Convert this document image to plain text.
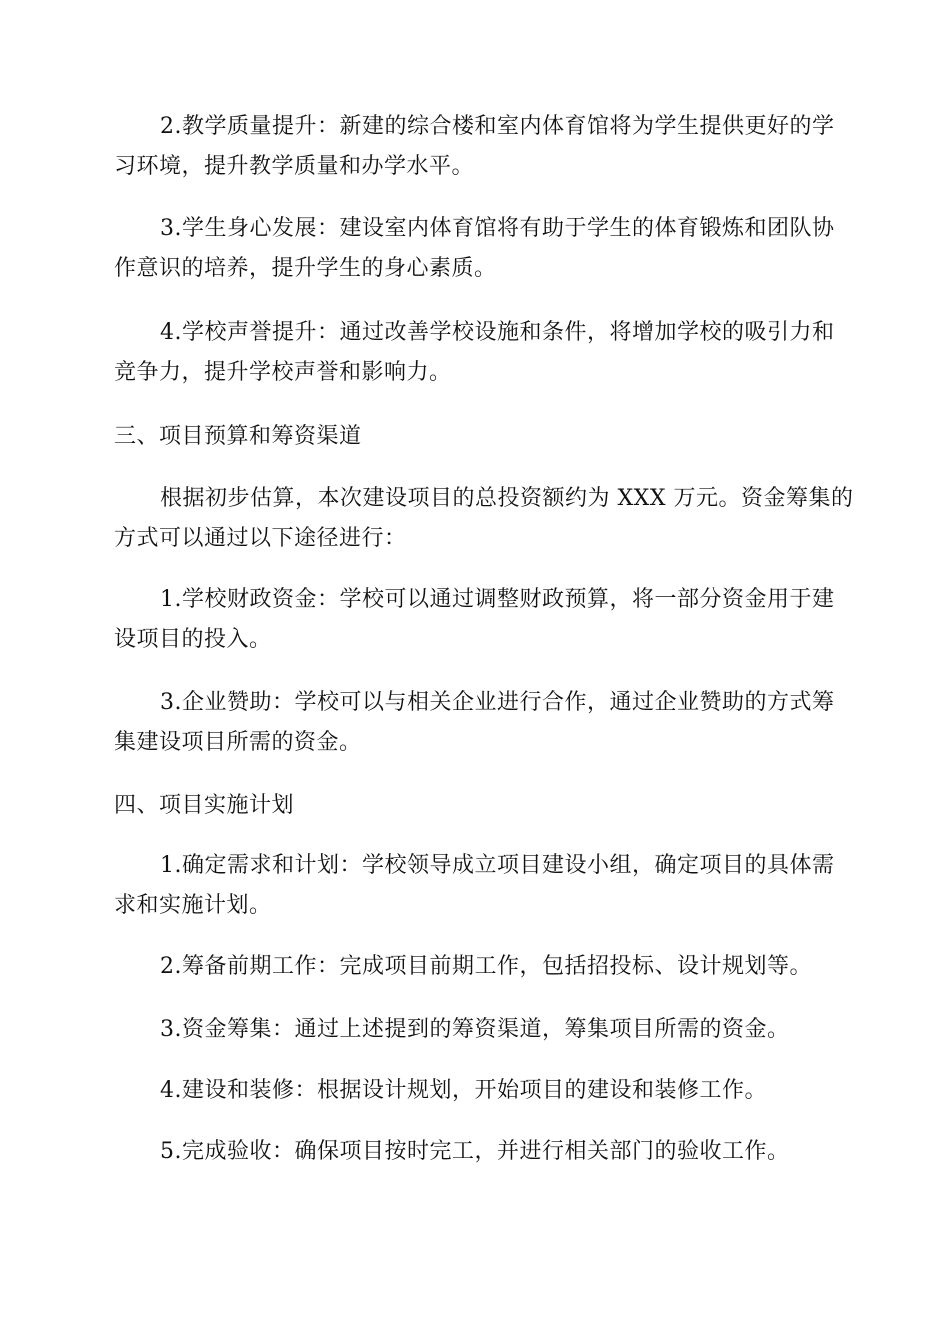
2.教学质量提升：新建的综合楼和室内体育馆将为学生提供更好的学
习环境，提升教学质量和办学水平。
3.学生身心发展：建设室内体育馆将有助于学生的体育锻炼和团队协
作意识的培养，提升学生的身心素质。
4.学校声誉提升：通过改善学校设施和条件，将增加学校的吸引力和
竞争力，提升学校声誉和影响力。
三、项目预算和筹资渠道
根据初步估算，本次建设项目的总投资额约为 XXX 万元。资金筹集的
方式可以通过以下途径进行：
1.学校财政资金：学校可以通过调整财政预算，将一部分资金用于建
设项目的投入。
3.企业赞助：学校可以与相关企业进行合作，通过企业赞助的方式筹
集建设项目所需的资金。
四、项目实施计划
1.确定需求和计划：学校领导成立项目建设小组，确定项目的具体需
求和实施计划。
2.筹备前期工作：完成项目前期工作，包括招投标、设计规划等。
3.资金筹集：通过上述提到的筹资渠道，筹集项目所需的资金。
4.建设和装修：根据设计规划，开始项目的建设和装修工作。
5.完成验收：确保项目按时完工，并进行相关部门的验收工作。
